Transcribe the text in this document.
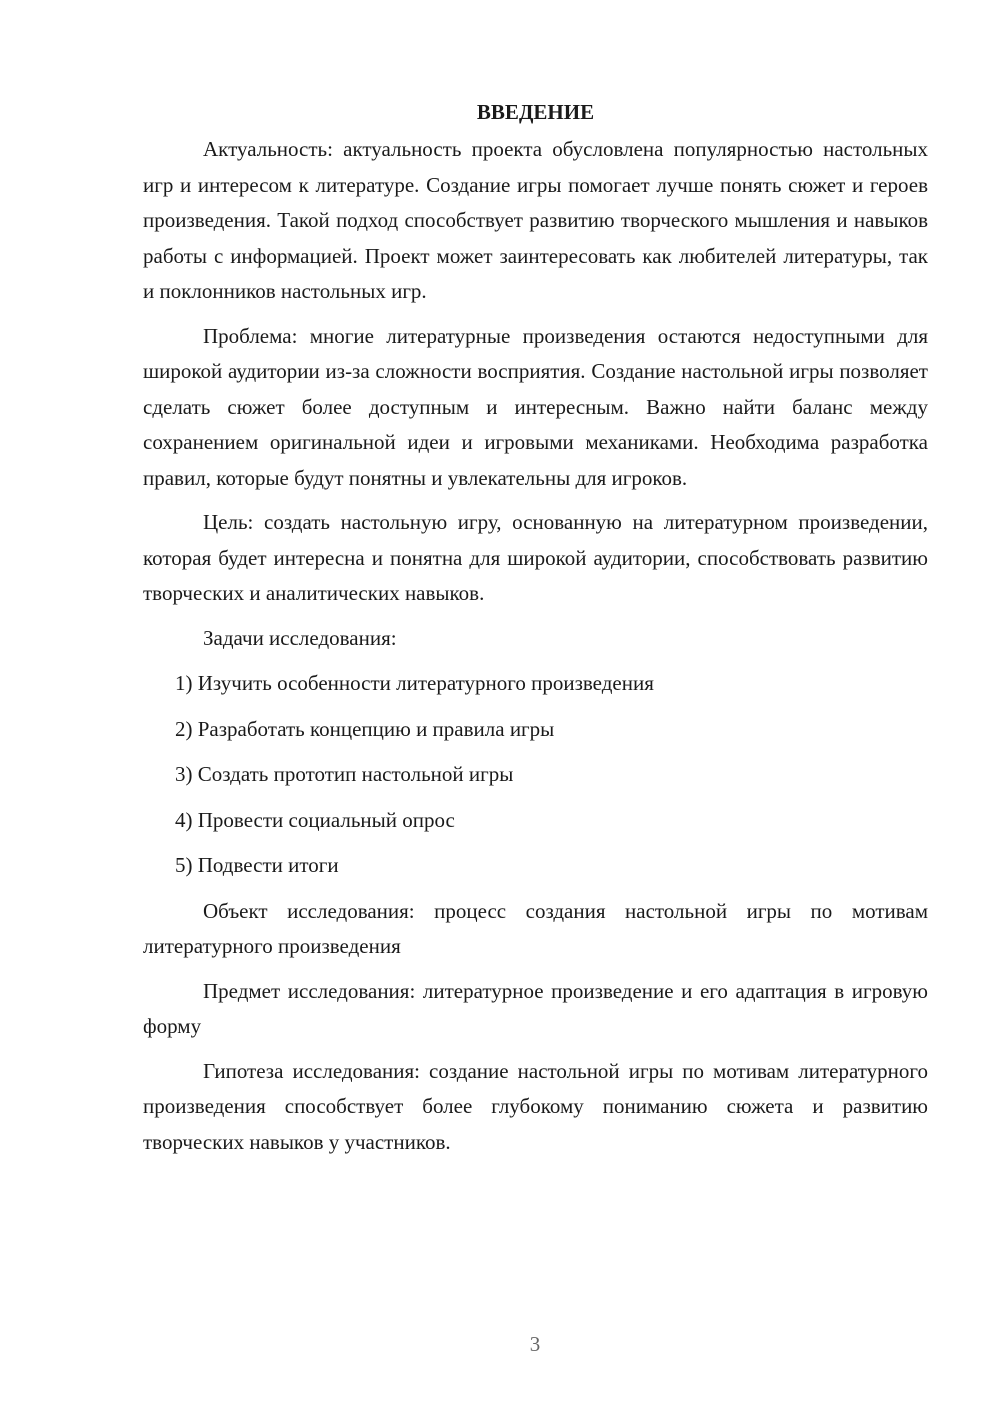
ВВЕДЕНИЕ

Актуальность: актуальность проекта обусловлена популярностью настольных игр и интересом к литературе. Создание игры помогает лучше понять сюжет и героев произведения. Такой подход способствует развитию творческого мышления и навыков работы с информацией. Проект может заинтересовать как любителей литературы, так и поклонников настольных игр.

Проблема: многие литературные произведения остаются недоступными для широкой аудитории из-за сложности восприятия. Создание настольной игры позволяет сделать сюжет более доступным и интересным. Важно найти баланс между сохранением оригинальной идеи и игровыми механиками. Необходима разработка правил, которые будут понятны и увлекательны для игроков.

Цель: создать настольную игру, основанную на литературном произведении, которая будет интересна и понятна для широкой аудитории, способствовать развитию творческих и аналитических навыков.

Задачи исследования:
1) Изучить особенности литературного произведения
2) Разработать концепцию и правила игры
3) Создать прототип настольной игры
4) Провести социальный опрос
5) Подвести итоги

Объект исследования: процесс создания настольной игры по мотивам литературного произведения

Предмет исследования: литературное произведение и его адаптация в игровую форму

Гипотеза исследования: создание настольной игры по мотивам литературного произведения способствует более глубокому пониманию сюжета и развитию творческих навыков у участников.

3
